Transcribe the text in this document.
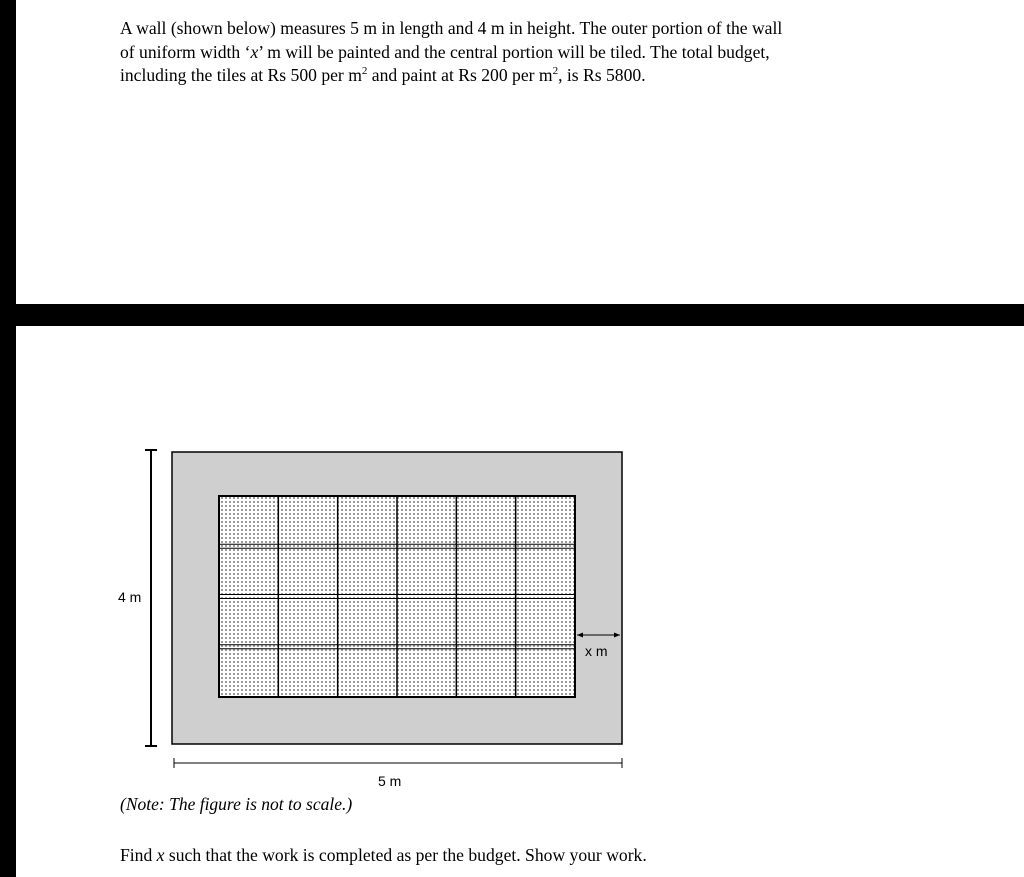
A wall (shown below) measures 5 m in length and 4 m in height. The outer portion of the wall
of uniform width ‘x’ m will be painted and the central portion will be tiled. The total budget,
including the tiles at Rs 500 per $m^2$ and paint at Rs 200 per $m^2$, is Rs 5800.

4 m
x m
5 m

(Note: The figure is not to scale.)

Find x such that the work is completed as per the budget. Show your work.
